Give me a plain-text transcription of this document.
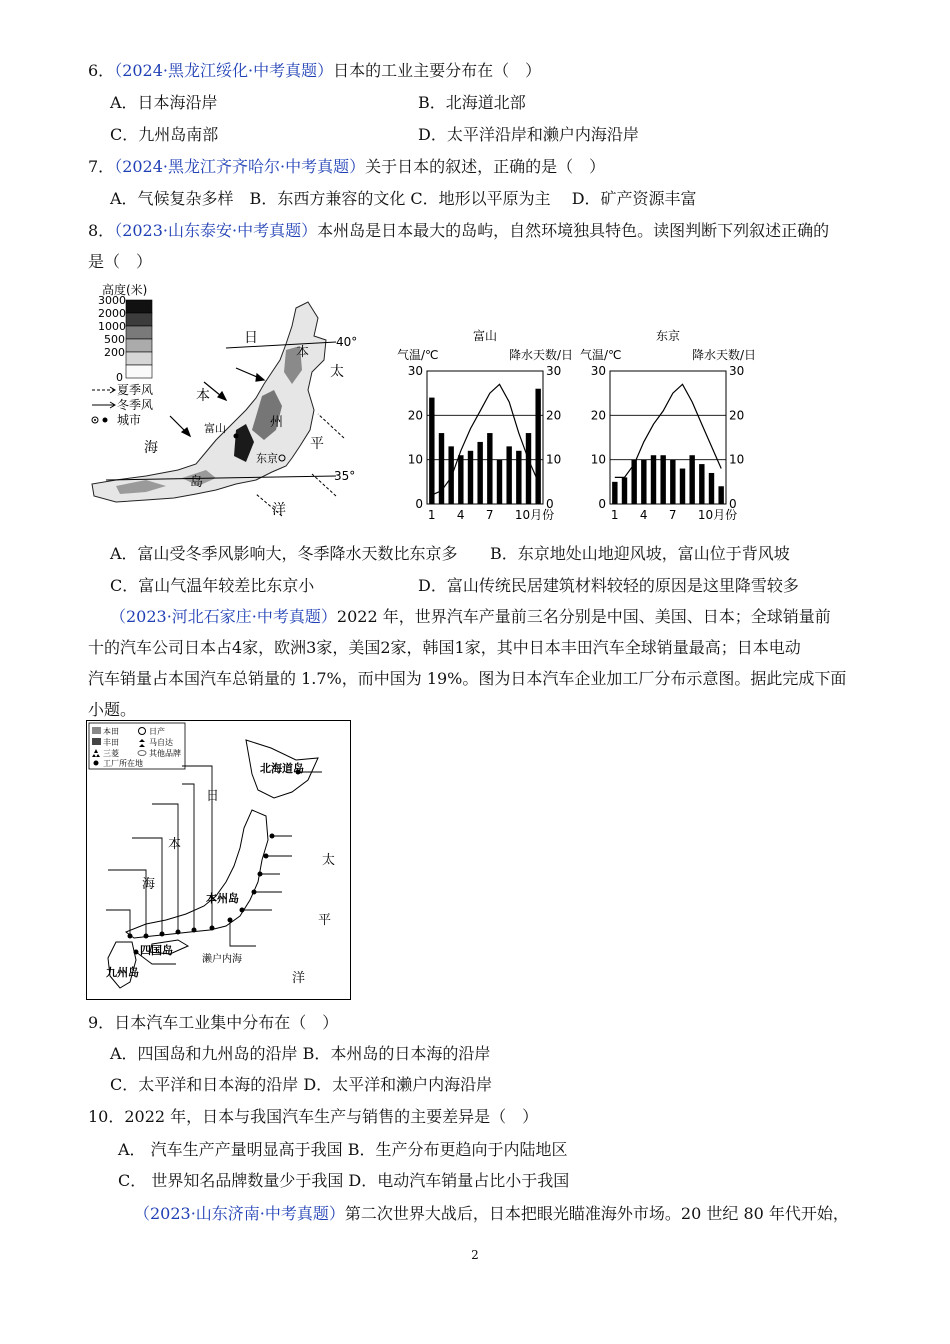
6．（2024·黑龙江绥化·中考真题）日本的工业主要分布在（　）
A．日本海沿岸	B．北海道北部
C．九州岛南部	D．太平洋沿岸和濑户内海沿岸
7．（2024·黑龙江齐齐哈尔·中考真题）关于日本的叙述，正确的是（　）
A．气候复杂多样　B．东西方兼容的文化 C．地形以平原为主　 D．矿产资源丰富
8．（2023·山东泰安·中考真题）本州岛是日本最大的岛屿，自然环境独具特色。读图判断下列叙述正确的
是（　）
高度(米)
3000
2000
1000
500
200
0
夏季风
冬季风
城市
40°
35°
富山
东京
日
本
海
太
平
洋
本
州
岛
富山
气温/℃	降水天数/日
0	0
10	10
20	20
30	30
1 4 7 10月份
东京
气温/℃	降水天数/日
0	0
10	10
20	20
30	30
1 4 7 10月份
A．富山受冬季风影响大，冬季降水天数比东京多 B．东京地处山地迎风坡，富山位于背风坡
C．富山气温年较差比东京小	D．富山传统民居建筑材料较轻的原因是这里降雪较多
（2023·河北石家庄·中考真题）2022 年，世界汽车产量前三名分别是中国、美国、日本；全球销量前
十的汽车公司日本占4家，欧洲3家，美国2家，韩国1家，其中日本丰田汽车全球销量最高；日本电动
汽车销量占本国汽车总销量的 1.7%，而中国为 19%。图为日本汽车企业加工厂分布示意图。据此完成下面
小题。
本田	日产
丰田	马自达
三菱	其他品牌
工厂所在地	北海道岛
本州岛
四国岛
九州岛
濑户内海
日
本
海
太
平
洋
9．日本汽车工业集中分布在（　）
A．四国岛和九州岛的沿岸 B．本州岛的日本海的沿岸
C．太平洋和日本海的沿岸 D．太平洋和濑户内海沿岸
10．2022 年，日本与我国汽车生产与销售的主要差异是（　）
A． 汽车生产产量明显高于我国 B．生产分布更趋向于内陆地区
C． 世界知名品牌数量少于我国 D．电动汽车销量占比小于我国
（2023·山东济南·中考真题）第二次世界大战后，日本把眼光瞄准海外市场。20 世纪 80 年代开始，
2
